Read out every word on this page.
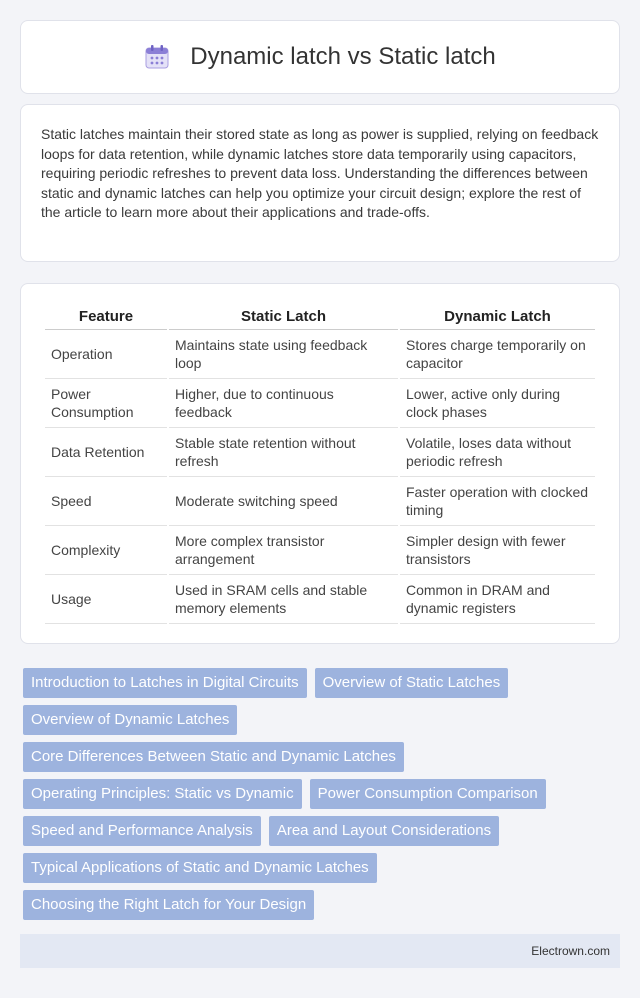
Dynamic latch vs Static latch

Static latches maintain their stored state as long as power is supplied, relying on feedback loops for data retention, while dynamic latches store data temporarily using capacitors, requiring periodic refreshes to prevent data loss. Understanding the differences between static and dynamic latches can help you optimize your circuit design; explore the rest of the article to learn more about their applications and trade-offs.

Feature	Static Latch	Dynamic Latch
Operation	Maintains state using feedback loop	Stores charge temporarily on capacitor
Power Consumption	Higher, due to continuous feedback	Lower, active only during clock phases
Data Retention	Stable state retention without refresh	Volatile, loses data without periodic refresh
Speed	Moderate switching speed	Faster operation with clocked timing
Complexity	More complex transistor arrangement	Simpler design with fewer transistors
Usage	Used in SRAM cells and stable memory elements	Common in DRAM and dynamic registers
Introduction to Latches in Digital Circuits	Overview of Static Latches
Overview of Dynamic Latches
Core Differences Between Static and Dynamic Latches
Operating Principles: Static vs Dynamic	Power Consumption Comparison
Speed and Performance Analysis	Area and Layout Considerations
Typical Applications of Static and Dynamic Latches
Choosing the Right Latch for Your Design
Electrown.com
